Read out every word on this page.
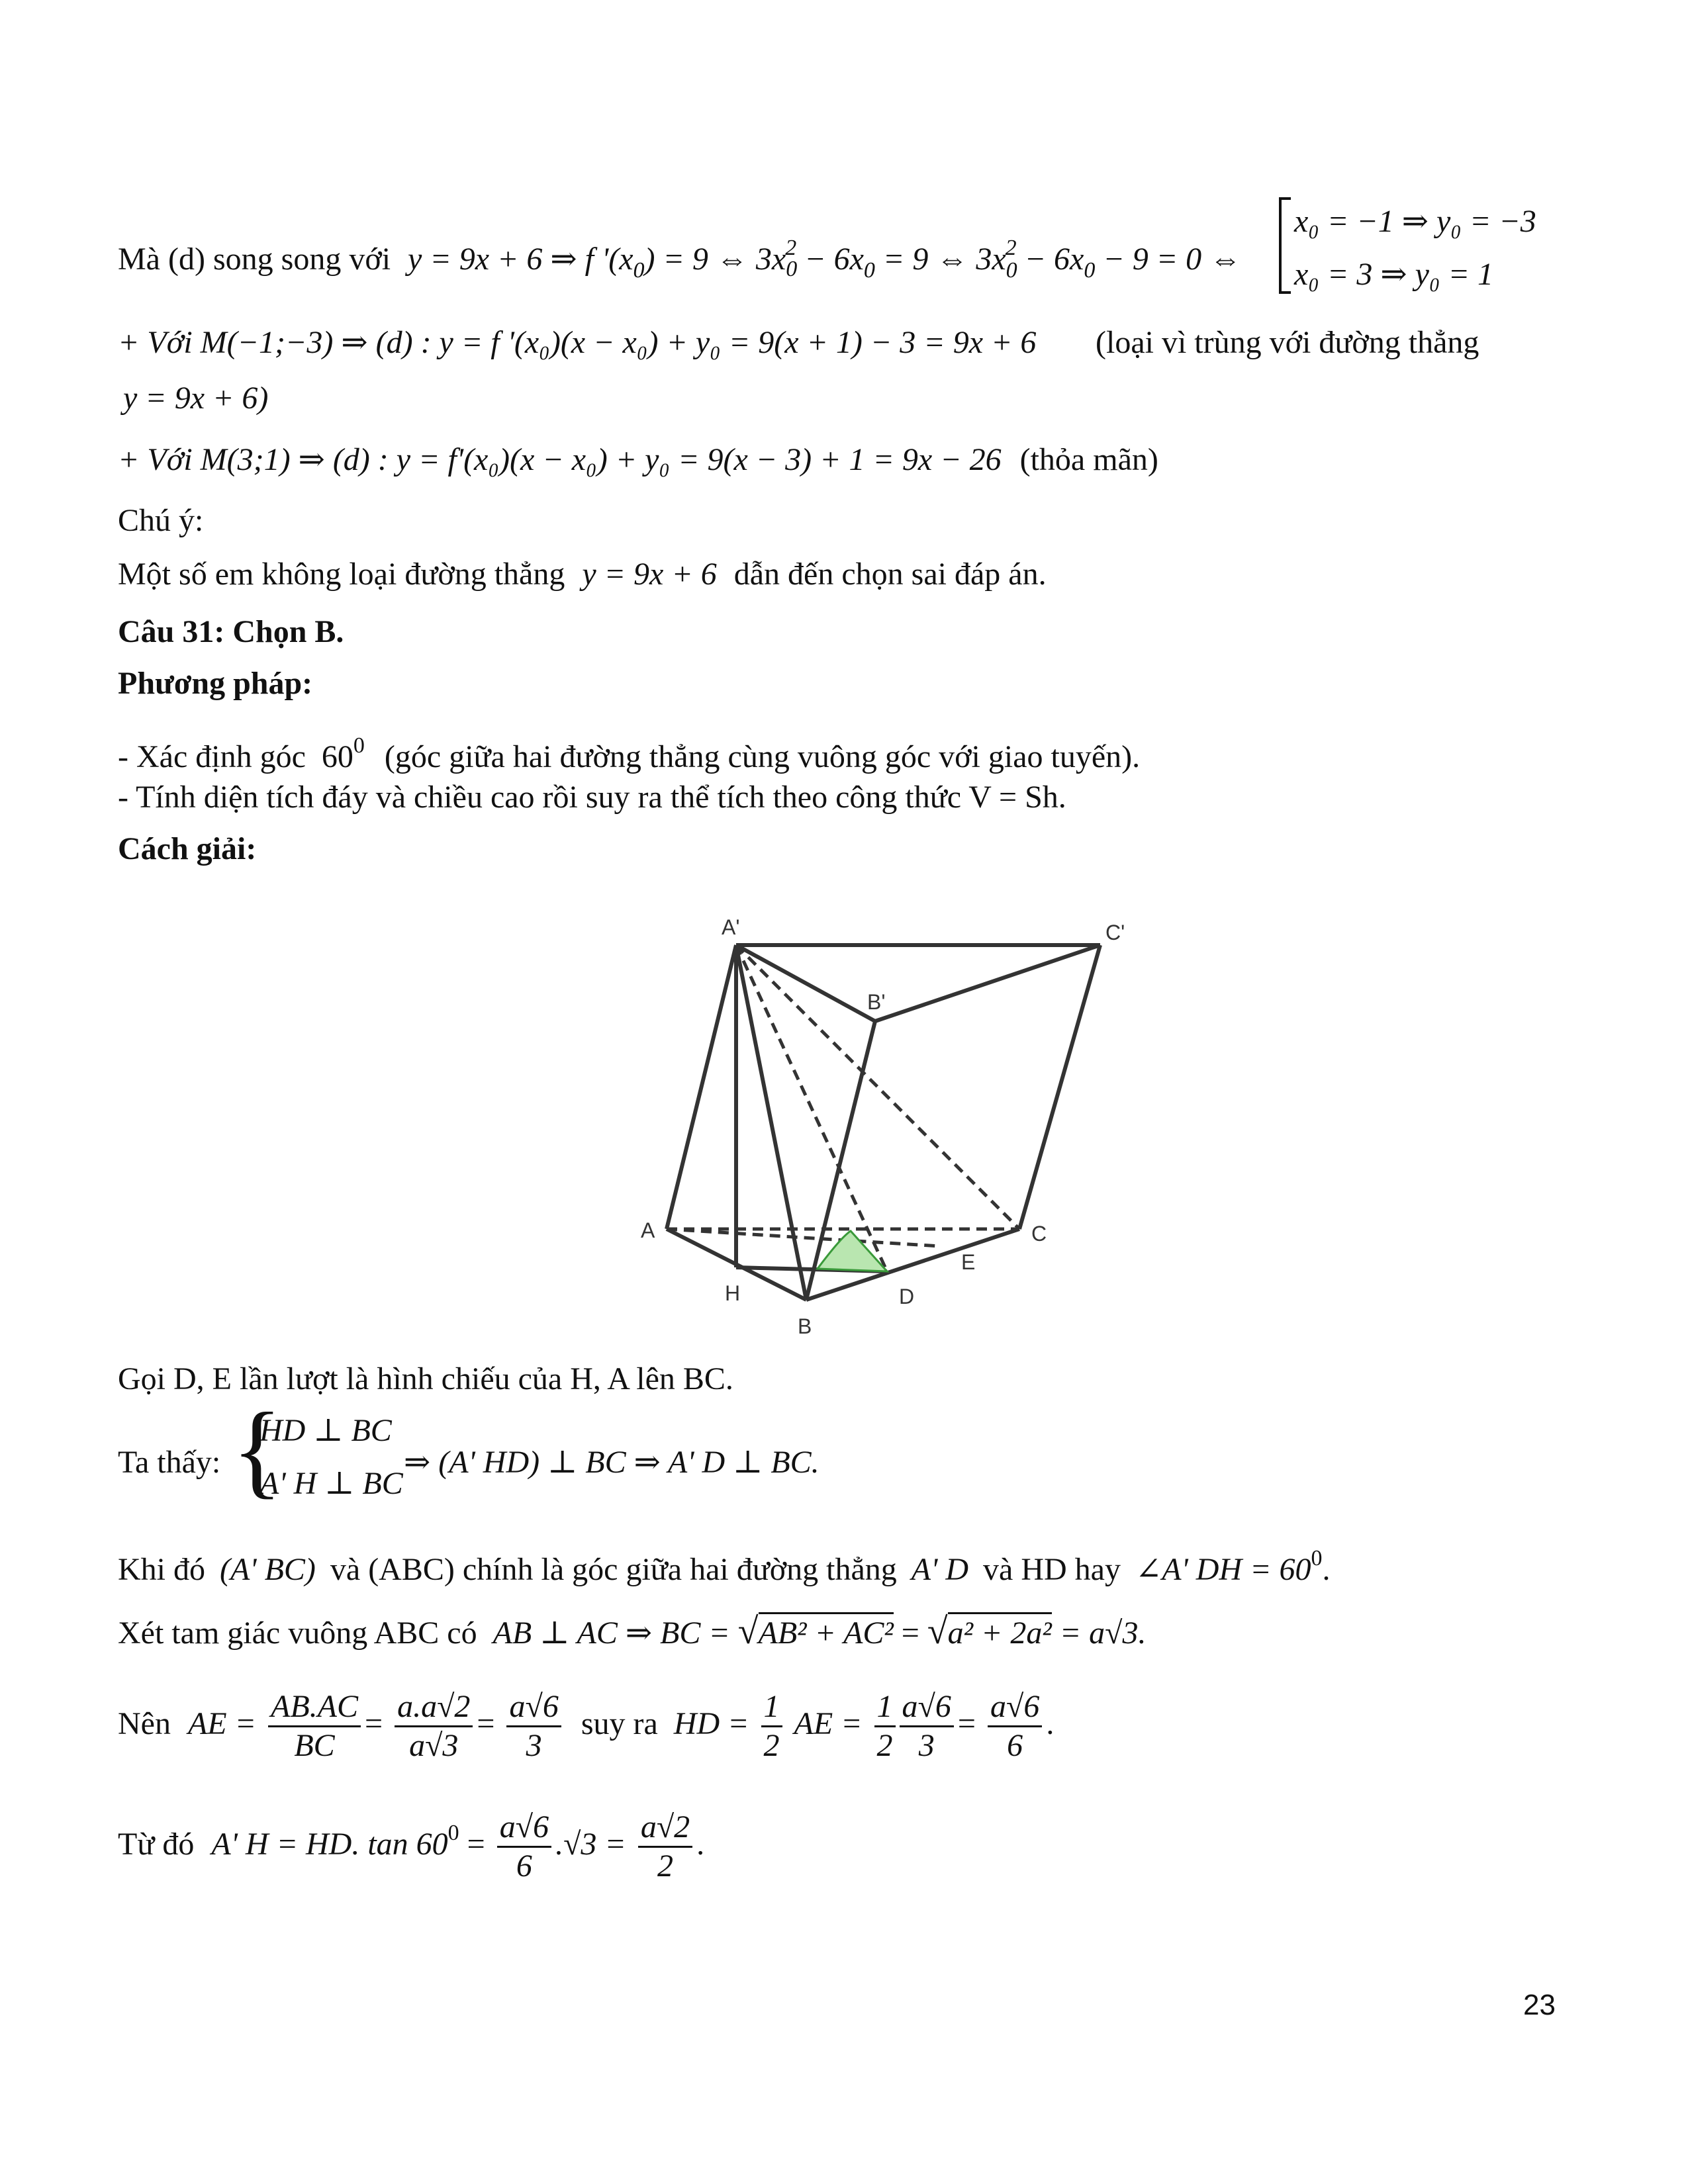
Mà (d) song song với y = 9x + 6 ⇒ f '$(x_0) = 9$ ⇔ $3x_0^2 - 6x_0 = 9$ ⇔ $3x_0^2 - 6x_0 - 9 = 0$ ⇔
x₀ = −1 ⇒ y₀ = −3
x₀ = 3 ⇒ y₀ = 1
+ Với M(−1;−3) ⇒ (d) : y = f '(x₀)(x − x₀) + y₀ = 9(x + 1) − 3 = 9x + 6 (loại vì trùng với đường thẳng
y = 9x + 6)
+ Với M(3;1) ⇒ (d) : y = f'(x₀)(x − x₀) + y₀ = 9(x − 3) + 1 = 9x − 26 (thỏa mãn)
Chú ý:
Một số em không loại đường thẳng y = 9x + 6 dẫn đến chọn sai đáp án.
Câu 31: Chọn B.
Phương pháp:
- Xác định góc $60^0$ (góc giữa hai đường thẳng cùng vuông góc với giao tuyến).
- Tính diện tích đáy và chiều cao rồi suy ra thể tích theo công thức V = Sh.
Cách giải:
A'
B'
C'
A	C
H
B
D
E
Gọi D, E lần lượt là hình chiếu của H, A lên BC.
Ta thấy: {
HD ⊥ BC
A' H ⊥ BC
⇒ (A' HD) ⊥ BC ⇒ A' D ⊥ BC.
Khi đó (A' BC) và (ABC) chính là góc giữa hai đường thẳng A' D và HD hay ∠A' DH = $60^0$.
Xét tam giác vuông ABC có AB ⊥ AC ⇒ BC = √AB² + AC² = √a² + 2a² = a√3.
Nên AE = $\frac{AB.AC}{BC} = \frac{a.a√2}{a√3} = \frac{a√6}{3}$ suy ra HD = $\frac{1}{2}$ AE = $\frac{1}{2} \frac{a√6}{3} = \frac{a√6}{6}$ .
Từ đó A' H = HD. $\tan 60^0 = \frac{a√6}{6} .√3 = \frac{a√2}{2}$ .
23
